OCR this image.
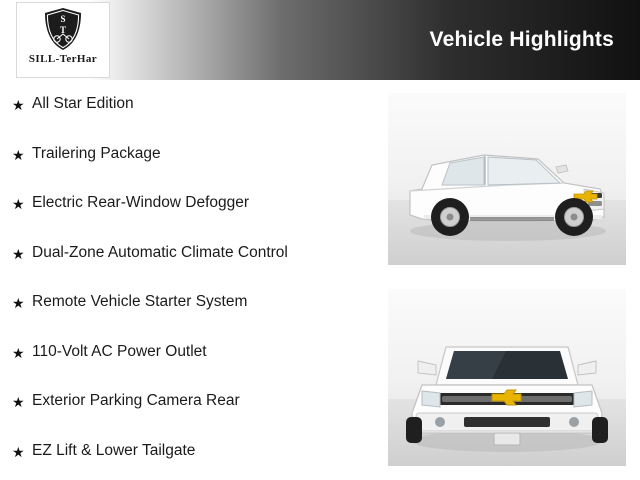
S
T
SILL-TerHar
Vehicle Highlights
★ All Star Edition
★ Trailering Package
★ Electric Rear-Window Defogger
★ Dual-Zone Automatic Climate Control
★ Remote Vehicle Starter System
★ 110-Volt AC Power Outlet
★ Exterior Parking Camera Rear
★ EZ Lift & Lower Tailgate
